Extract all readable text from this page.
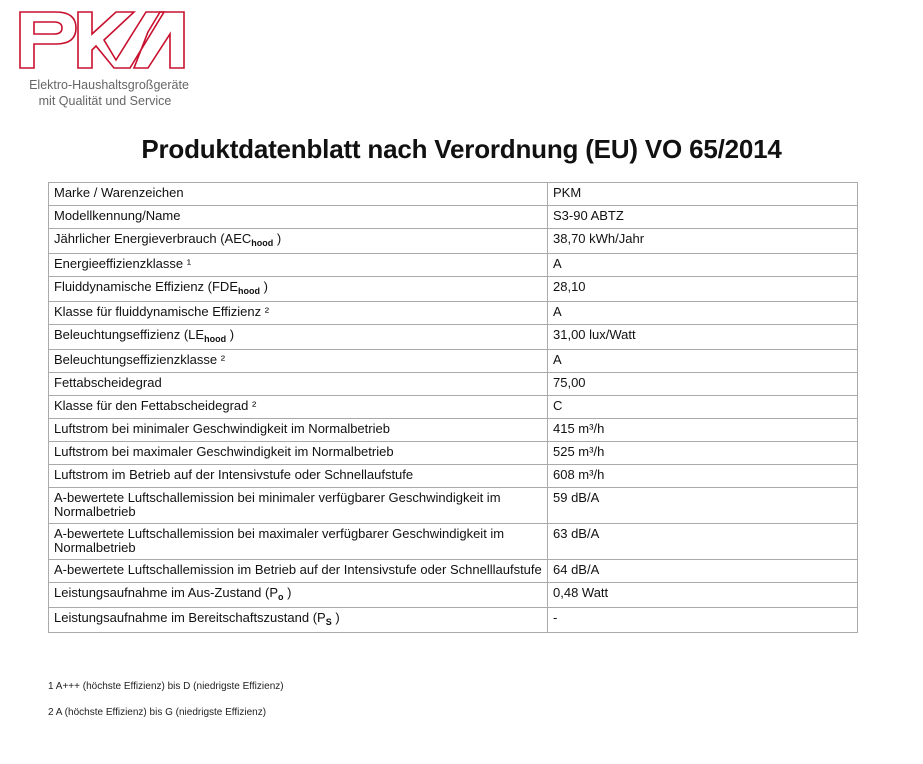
Elektro-Haushaltsgroßgeräte
mit Qualität und Service
Produktdatenblatt nach Verordnung (EU) VO 65/2014
Marke / Warenzeichen	PKM
Modellkennung/Name	S3-90 ABTZ
Jährlicher Energieverbrauch ($AEC_{hood}$ )	38,70 kWh/Jahr
Energieeffizienzklasse ¹	A
Fluiddynamische Effizienz ($FDE_{hood}$ )	28,10
Klasse für fluiddynamische Effizienz ²	A
Beleuchtungseffizienz ($LE_{hood}$ )	31,00 lux/Watt
Beleuchtungseffizienzklasse ²	A
Fettabscheidegrad	75,00
Klasse für den Fettabscheidegrad ²	C
Luftstrom bei minimaler Geschwindigkeit im Normalbetrieb	415 m³/h
Luftstrom bei maximaler Geschwindigkeit im Normalbetrieb	525 m³/h
Luftstrom im Betrieb auf der Intensivstufe oder Schnellaufstufe	608 m³/h
A-bewertete Luftschallemission bei minimaler verfügbarer Geschwindigkeit im Normalbetrieb	59 dB/A
A-bewertete Luftschallemission bei maximaler verfügbarer Geschwindigkeit im Normalbetrieb	63 dB/A
A-bewertete Luftschallemission im Betrieb auf der Intensivstufe oder Schnelllaufstufe	64 dB/A
Leistungsaufnahme im Aus-Zustand ($P_o$ )	0,48 Watt
Leistungsaufnahme im Bereitschaftszustand ($P_S$ )	-
1 A+++ (höchste Effizienz) bis D (niedrigste Effizienz)
2 A (höchste Effizienz) bis G (niedrigste Effizienz)
